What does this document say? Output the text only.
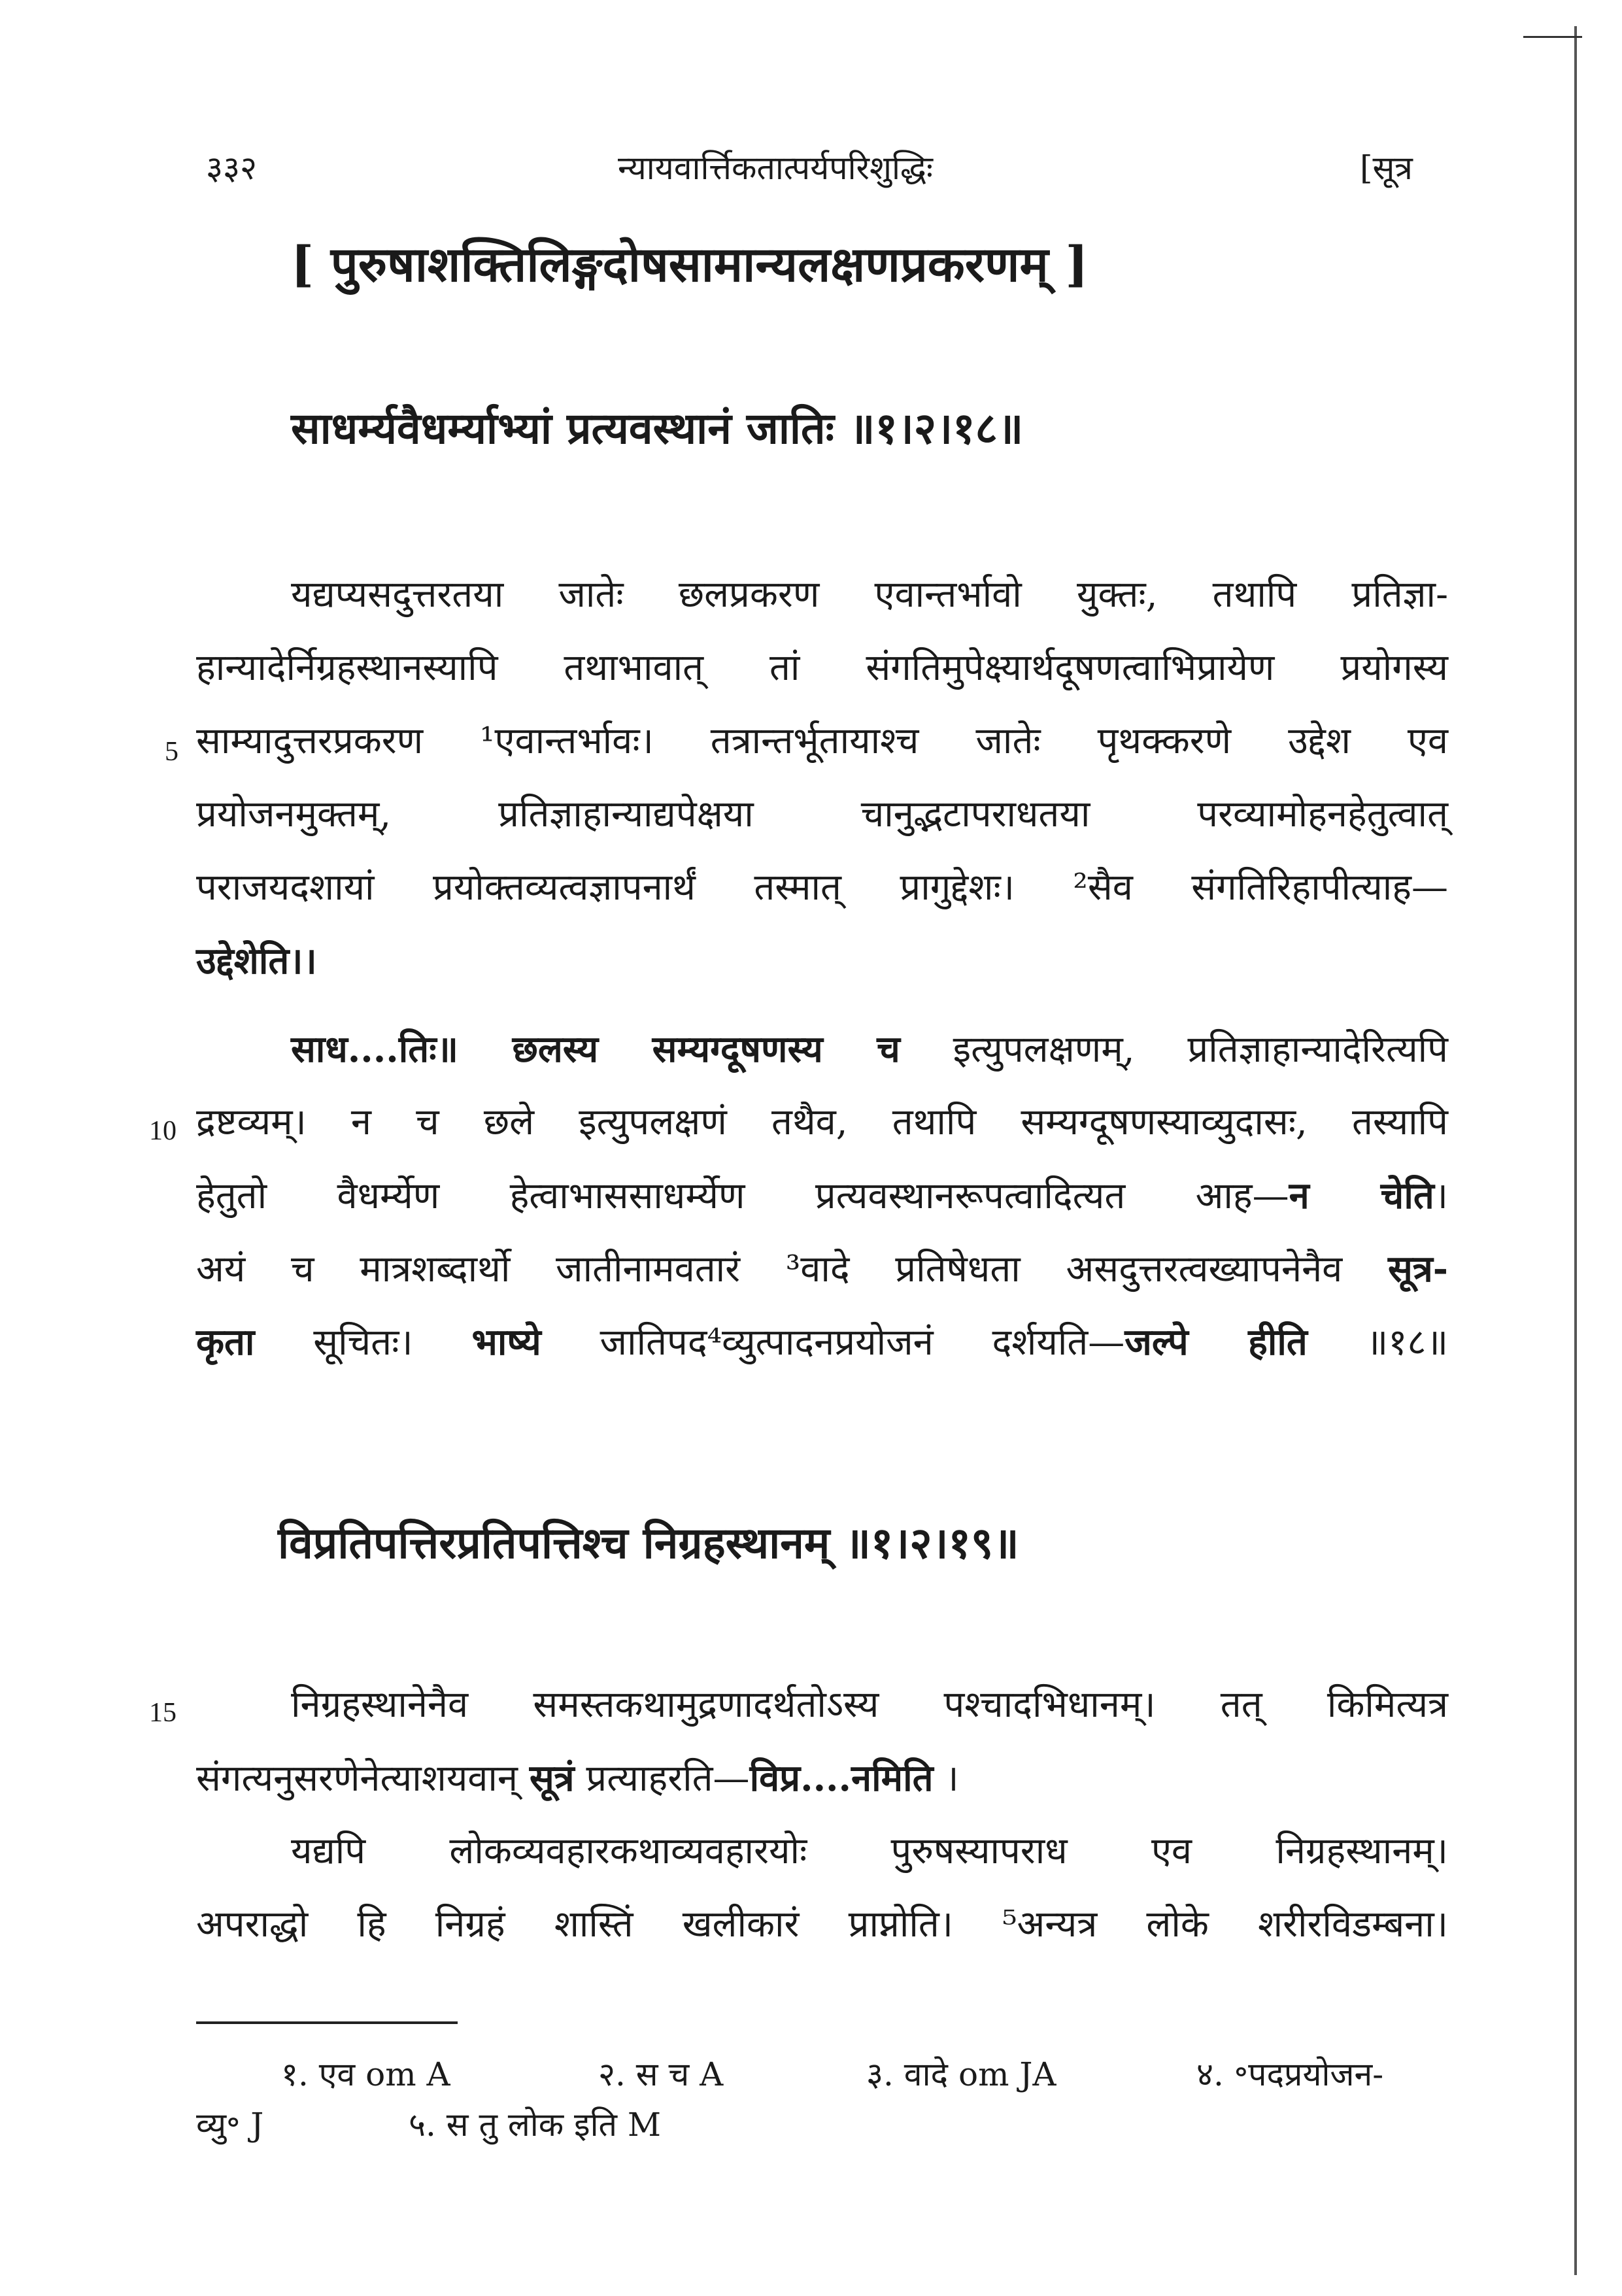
३३२	न्यायवार्त्तिकतात्पर्यपरिशुद्धिः	[सूत्र
[ पुरुषाशक्तिलिङ्गदोषसामान्यलक्षणप्रकरणम् ]
साधर्म्यवैधर्म्याभ्यां प्रत्यवस्थानं जातिः ॥१।२।१८॥
यद्यप्यसदुत्तरतया जातेः छलप्रकरण एवान्तर्भावो युक्तः, तथापि प्रतिज्ञा-
हान्यादेर्निग्रहस्थानस्यापि तथाभावात् तां संगतिमुपेक्ष्यार्थदूषणत्वाभिप्रायेण प्रयोगस्य
5 साम्यादुत्तरप्रकरण ¹एवान्तर्भावः। तत्रान्तर्भूतायाश्च जातेः पृथक्करणे उद्देश एव
प्रयोजनमुक्तम्, प्रतिज्ञाहान्याद्यपेक्षया चानुद्भटापराधतया परव्यामोहनहेतुत्वात्
पराजयदशायां प्रयोक्तव्यत्वज्ञापनार्थं तस्मात् प्रागुद्देशः। ²सैव संगतिरिहापीत्याह—
उद्देशेति।।
साध....तिः॥ छलस्य सम्यग्दूषणस्य च इत्युपलक्षणम्, प्रतिज्ञाहान्यादेरित्यपि
10 द्रष्टव्यम्। न च छले इत्युपलक्षणं तथैव, तथापि सम्यग्दूषणस्याव्युदासः, तस्यापि
हेतुतो वैधर्म्येण हेत्वाभाससाधर्म्येण प्रत्यवस्थानरूपत्वादित्यत आह—न चेति।
अयं च मात्रशब्दार्थो जातीनामवतारं ³वादे प्रतिषेधता असदुत्तरत्वख्यापनेनैव सूत्र-
कृता सूचितः। भाष्ये जातिपद⁴व्युत्पादनप्रयोजनं दर्शयति—जल्पे हीति ॥१८॥
विप्रतिपत्तिरप्रतिपत्तिश्च निग्रहस्थानम् ॥१।२।१९॥
15	निग्रहस्थानेनैव समस्तकथामुद्रणादर्थतोऽस्य पश्चादभिधानम्। तत् किमित्यत्र
संगत्यनुसरणेनेत्याशयवान् सूत्रं प्रत्याहरति—विप्र....नमिति ।
यद्यपि लोकव्यवहारकथाव्यवहारयोः पुरुषस्यापराध एव निग्रहस्थानम्।
अपराद्धो हि निग्रहं शास्तिं खलीकारं प्राप्नोति। ⁵अन्यत्र लोके शरीरविडम्बना।
१. एव om A	२. स च A	३. वादे om JA	४. ॰पदप्रयोजन-
व्यु॰ J	५. स तु लोक इति M
